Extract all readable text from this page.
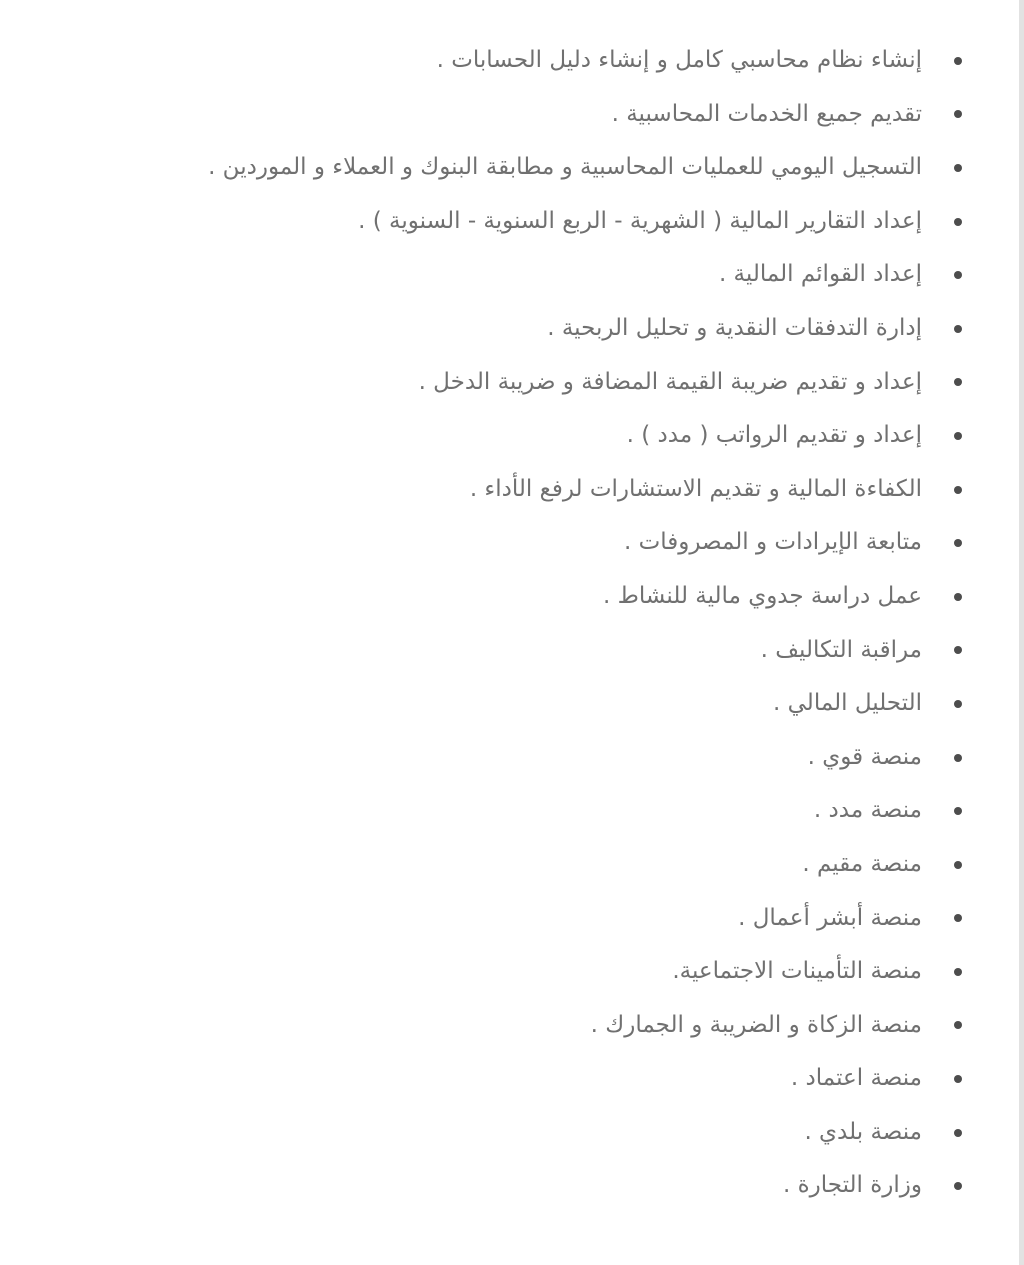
إنشاء نظام محاسبي كامل و إنشاء دليل الحسابات .
تقديم جميع الخدمات المحاسبية .
التسجيل اليومي للعمليات المحاسبية و مطابقة البنوك و العملاء و الموردين .
إعداد التقارير المالية ( الشهرية - الربع السنوية - السنوية ) .
إعداد القوائم المالية .
إدارة التدفقات النقدية و تحليل الربحية .
إعداد و تقديم ضريبة القيمة المضافة و ضريبة الدخل .
إعداد و تقديم الرواتب ( مدد ) .
الكفاءة المالية و تقديم الاستشارات لرفع الأداء .
متابعة الإيرادات و المصروفات .
عمل دراسة جدوي مالية للنشاط .
مراقبة التكاليف .
التحليل المالي .
منصة قوي .
منصة مدد .
منصة مقيم .
منصة أبشر أعمال .
منصة التأمينات الاجتماعية.
منصة الزكاة و الضريبة و الجمارك .
منصة اعتماد .
منصة بلدي .
وزارة التجارة .
